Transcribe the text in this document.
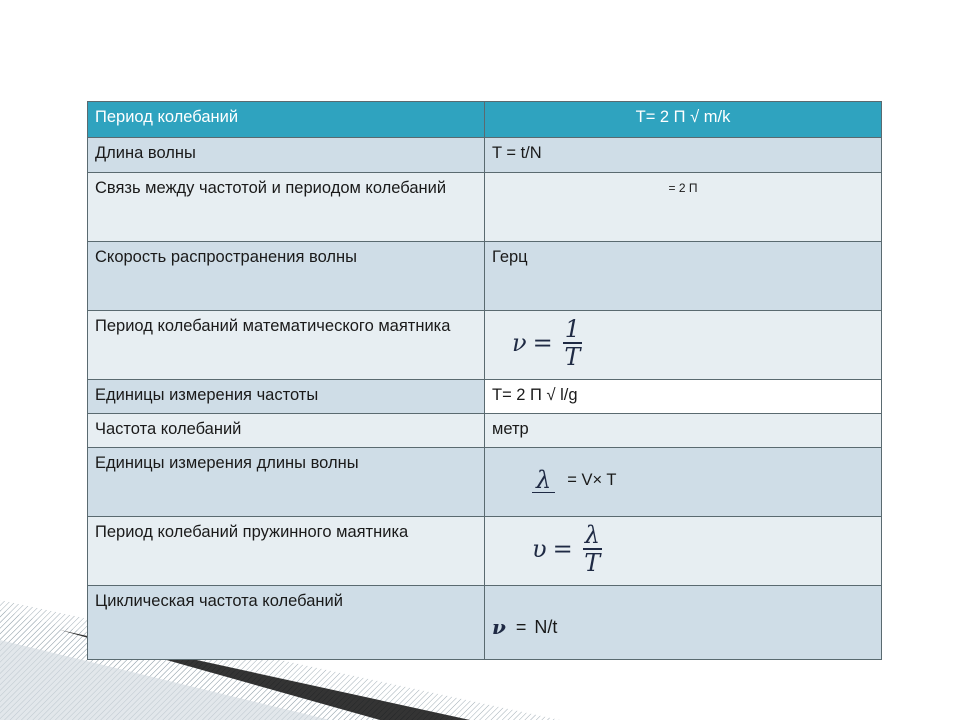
Период колебаний	T= 2 П √ m/k
Длина волны	T = t/N
Связь между частотой и периодом колебаний	= 2 П
Скорость распространения волны	Герц
Период колебаний математического маятника	$\nu = \frac{1}{T}$

Единицы измерения частоты	T= 2 П √ l/g
Частота колебаний	метр
Единицы измерения длины волны	λ = V× T

Период колебаний пружинного маятника	$\upsilon = \frac{\lambda}{T}$

Циклическая частота колебаний	ν = N/t
